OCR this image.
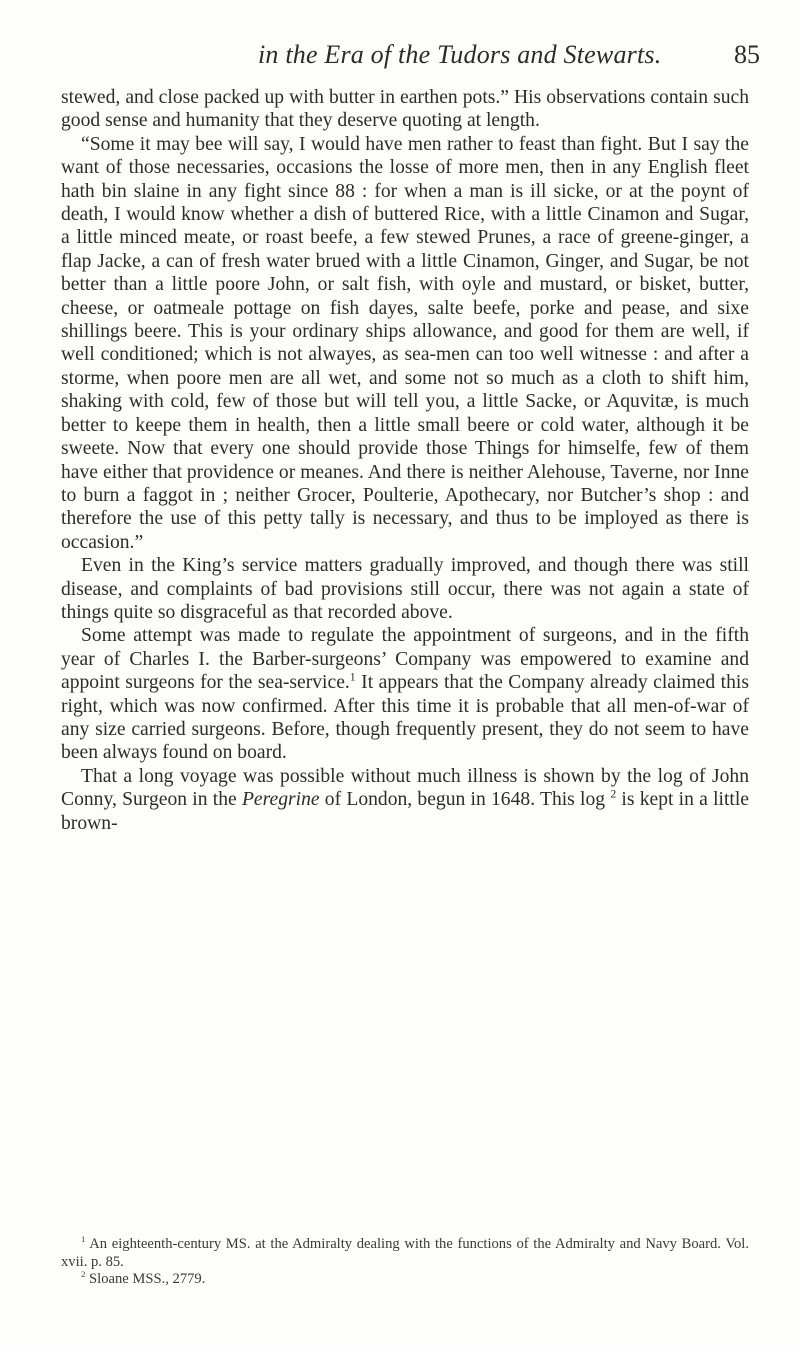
in the Era of the Tudors and Stewarts.	85

stewed, and close packed up with butter in earthen pots.” His observations contain such good sense and humanity that they deserve quoting at length.

“Some it may bee will say, I would have men rather to feast than fight. But I say the want of those necessaries, occasions the losse of more men, then in any English fleet hath bin slaine in any fight since 88 : for when a man is ill sicke, or at the poynt of death, I would know whether a dish of buttered Rice, with a little Cinamon and Sugar, a little minced meate, or roast beefe, a few stewed Prunes, a race of greene-ginger, a flap Jacke, a can of fresh water brued with a little Cinamon, Ginger, and Sugar, be not better than a little poore John, or salt fish, with oyle and mustard, or bisket, butter, cheese, or oatmeale pottage on fish dayes, salte beefe, porke and pease, and sixe shillings beere. This is your ordinary ships allowance, and good for them are well, if well conditioned; which is not alwayes, as sea-men can too well witnesse : and after a storme, when poore men are all wet, and some not so much as a cloth to shift him, shaking with cold, few of those but will tell you, a little Sacke, or Aquvitæ, is much better to keepe them in health, then a little small beere or cold water, although it be sweete. Now that every one should provide those Things for himselfe, few of them have either that providence or meanes. And there is neither Alehouse, Taverne, nor Inne to burn a faggot in ; neither Grocer, Poulterie, Apothecary, nor Butcher’s shop : and therefore the use of this petty tally is necessary, and thus to be imployed as there is occasion.”

Even in the King’s service matters gradually improved, and though there was still disease, and complaints of bad provisions still occur, there was not again a state of things quite so disgraceful as that recorded above.

Some attempt was made to regulate the appointment of surgeons, and in the fifth year of Charles I. the Barber-surgeons’ Company was empowered to examine and appoint surgeons for the sea-service.$^1$ It appears that the Company already claimed this right, which was now confirmed. After this time it is probable that all men-of-war of any size carried surgeons. Before, though frequently present, they do not seem to have been always found on board.

That a long voyage was possible without much illness is shown by the log of John Conny, Surgeon in the Peregrine of London, begun in 1648. This log $^2$ is kept in a little brown-

$^1$ An eighteenth-century MS. at the Admiralty dealing with the functions of the Admiralty and Navy Board. Vol. xvii. p. 85.

$^2$ Sloane MSS., 2779.
